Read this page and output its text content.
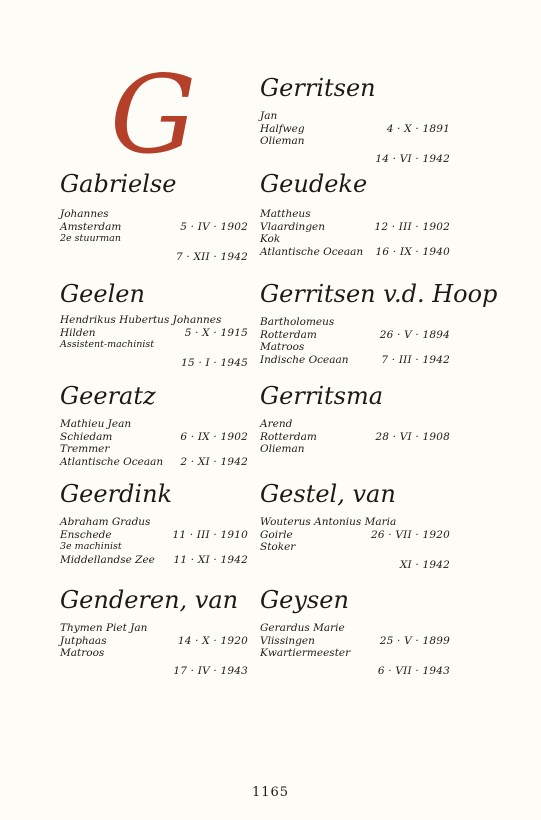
G
Gabrielse
Johannes
Amsterdam	5 · IV · 1902
2e stuurman
7 · XII · 1942
Geelen
Hendrikus Hubertus Johannes
Hilden	5 · X · 1915
Assistent-machinist
15 · I · 1945
Geeratz
Mathieu Jean
Schiedam	6 · IX · 1902
Tremmer
Atlantische Oceaan 2 · XI · 1942
Geerdink
Abraham Gradus
Enschede	11 · III · 1910
3e machinist
Middellandse Zee 11 · XI · 1942
Genderen, van
Thymen Piet Jan
Jutphaas	14 · X · 1920
Matroos
17 · IV · 1943
Gerritsen
Jan
Halfweg	4 · X · 1891
Olieman
14 · VI · 1942
Geudeke
Mattheus
Vlaardingen	12 · III · 1902
Kok
Atlantische Oceaan 16 · IX · 1940
Gerritsen v.d. Hoop
Bartholomeus
Rotterdam	26 · V · 1894
Matroos
Indische Oceaan	7 · III · 1942
Gerritsma
Arend
Rotterdam	28 · VI · 1908
Olieman
Gestel, van
Wouterus Antonius Maria
Goirle	26 · VII · 1920
Stoker
XI · 1942
Geysen
Gerardus Marie
Vlissingen	25 · V · 1899
Kwartiermeester
6 · VII · 1943
1165
